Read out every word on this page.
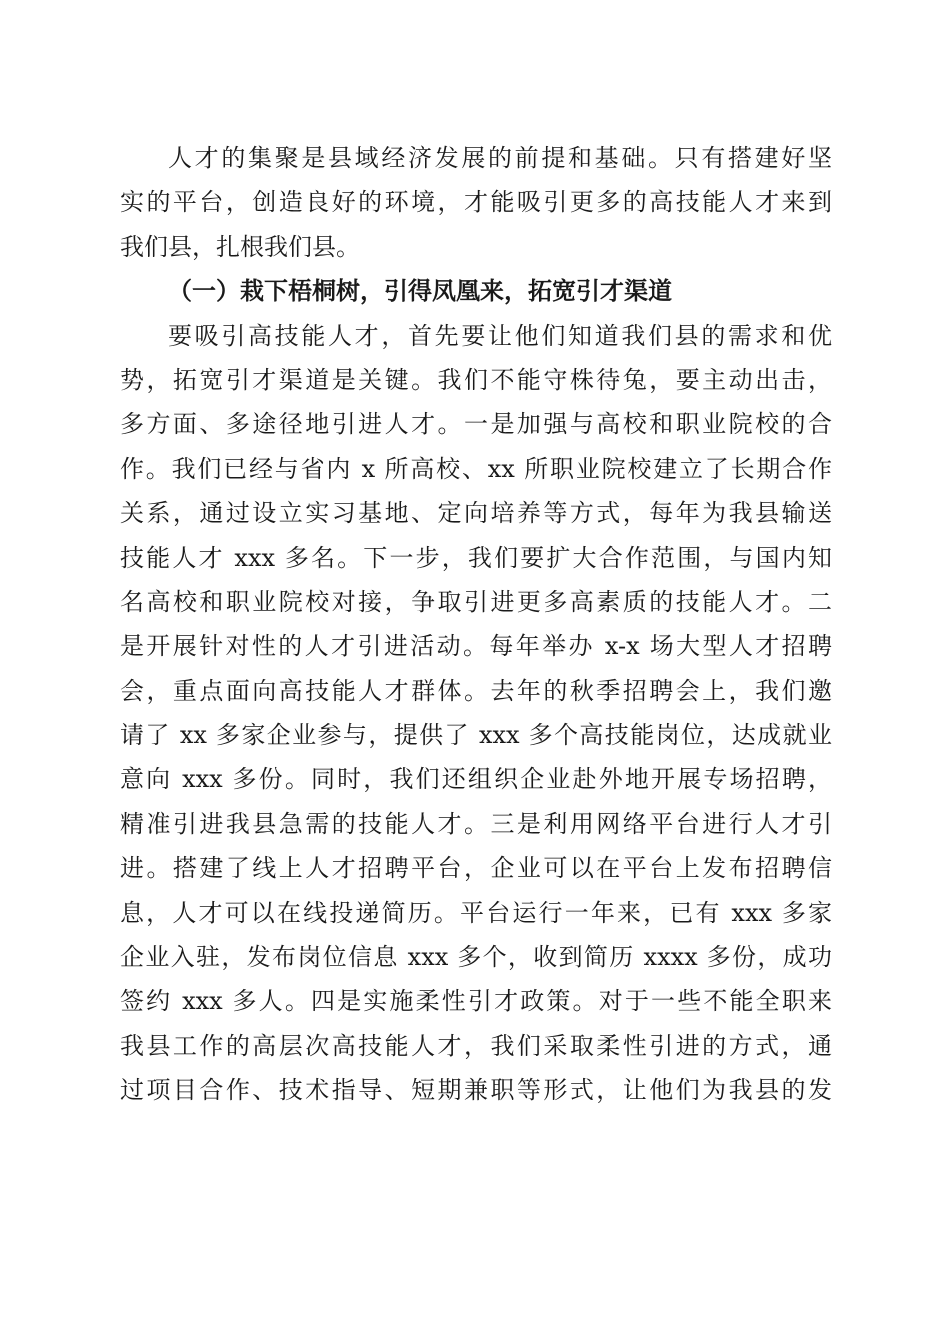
人才的集聚是县域经济发展的前提和基础。只有搭建好坚
实的平台，创造良好的环境，才能吸引更多的高技能人才来到
我们县，扎根我们县。
（一）栽下梧桐树，引得凤凰来，拓宽引才渠道
要吸引高技能人才，首先要让他们知道我们县的需求和优
势，拓宽引才渠道是关键。我们不能守株待兔，要主动出击，
多方面、多途径地引进人才。一是加强与高校和职业院校的合
作。我们已经与省内 x 所高校、xx 所职业院校建立了长期合作
关系，通过设立实习基地、定向培养等方式，每年为我县输送
技能人才 xxx 多名。下一步，我们要扩大合作范围，与国内知
名高校和职业院校对接，争取引进更多高素质的技能人才。二
是开展针对性的人才引进活动。每年举办 x-x 场大型人才招聘
会，重点面向高技能人才群体。去年的秋季招聘会上，我们邀
请了 xx 多家企业参与，提供了 xxx 多个高技能岗位，达成就业
意向 xxx 多份。同时，我们还组织企业赴外地开展专场招聘，
精准引进我县急需的技能人才。三是利用网络平台进行人才引
进。搭建了线上人才招聘平台，企业可以在平台上发布招聘信
息，人才可以在线投递简历。平台运行一年来，已有 xxx 多家
企业入驻，发布岗位信息 xxx 多个，收到简历 xxxx 多份，成功
签约 xxx 多人。四是实施柔性引才政策。对于一些不能全职来
我县工作的高层次高技能人才，我们采取柔性引进的方式，通
过项目合作、技术指导、短期兼职等形式，让他们为我县的发
